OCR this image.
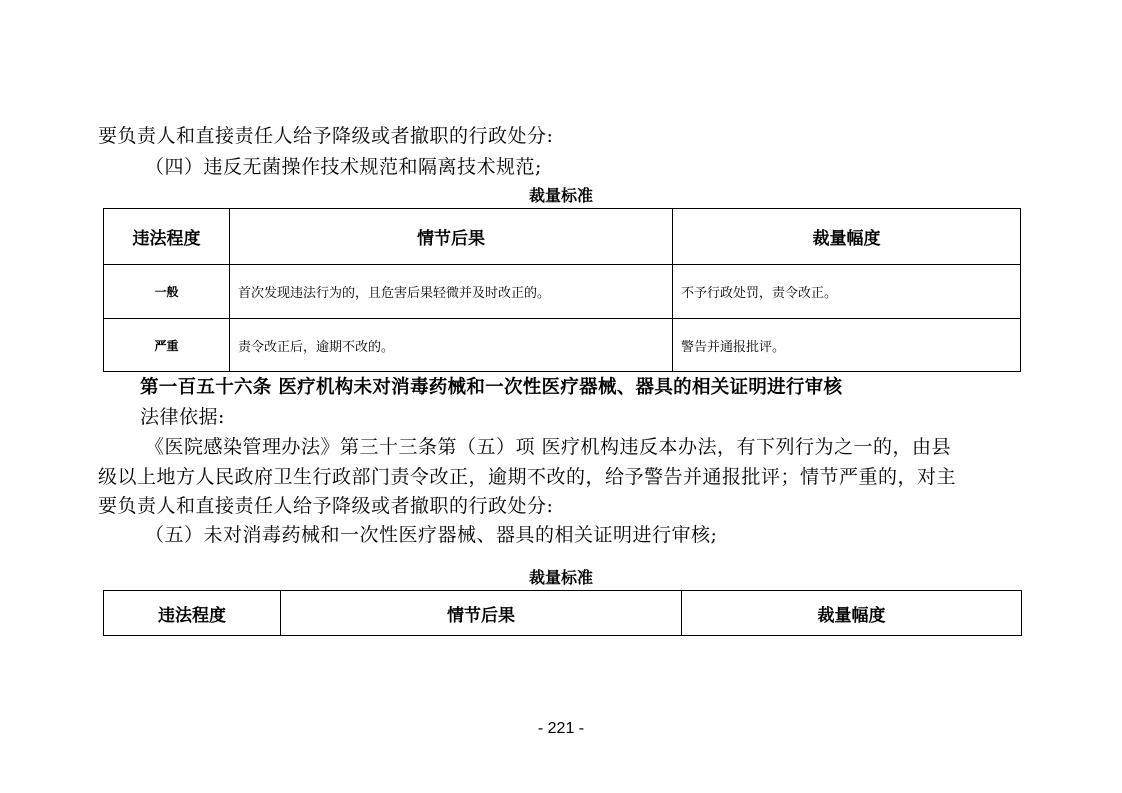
要负责人和直接责任人给予降级或者撤职的行政处分:
（四）违反无菌操作技术规范和隔离技术规范;
裁量标准
违法程度	情节后果	裁量幅度
一般	首次发现违法行为的，且危害后果轻微并及时改正的。	不予行政处罚，责令改正。
严重	责令改正后，逾期不改的。	警告并通报批评。
第一百五十六条 医疗机构未对消毒药械和一次性医疗器械、器具的相关证明进行审核
法律依据:
《医院感染管理办法》第三十三条第（五）项 医疗机构违反本办法，有下列行为之一的，由县
级以上地方人民政府卫生行政部门责令改正，逾期不改的，给予警告并通报批评；情节严重的，对主
要负责人和直接责任人给予降级或者撤职的行政处分:
（五）未对消毒药械和一次性医疗器械、器具的相关证明进行审核;
裁量标准
违法程度	情节后果	裁量幅度
- 221 -
